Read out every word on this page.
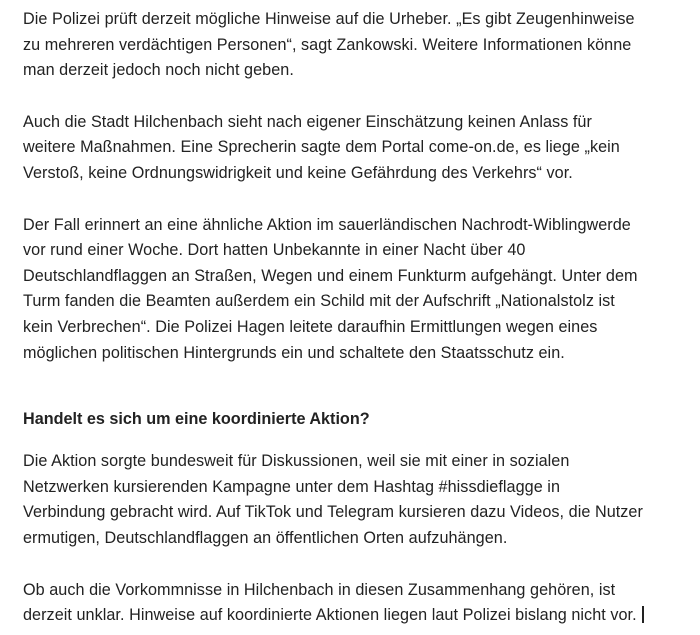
Die Polizei prüft derzeit mögliche Hinweise auf die Urheber. „Es gibt Zeugenhinweise
zu mehreren verdächtigen Personen“, sagt Zankowski. Weitere Informationen könne
man derzeit jedoch noch nicht geben.

Auch die Stadt Hilchenbach sieht nach eigener Einschätzung keinen Anlass für
weitere Maßnahmen. Eine Sprecherin sagte dem Portal come-on.de, es liege „kein
Verstoß, keine Ordnungswidrigkeit und keine Gefährdung des Verkehrs“ vor.

Der Fall erinnert an eine ähnliche Aktion im sauerländischen Nachrodt-Wiblingwerde
vor rund einer Woche. Dort hatten Unbekannte in einer Nacht über 40
Deutschlandflaggen an Straßen, Wegen und einem Funkturm aufgehängt. Unter dem
Turm fanden die Beamten außerdem ein Schild mit der Aufschrift „Nationalstolz ist
kein Verbrechen“. Die Polizei Hagen leitete daraufhin Ermittlungen wegen eines
möglichen politischen Hintergrunds ein und schaltete den Staatsschutz ein.

Handelt es sich um eine koordinierte Aktion?

Die Aktion sorgte bundesweit für Diskussionen, weil sie mit einer in sozialen
Netzwerken kursierenden Kampagne unter dem Hashtag #hissdieflagge in
Verbindung gebracht wird. Auf TikTok und Telegram kursieren dazu Videos, die Nutzer
ermutigen, Deutschlandflaggen an öffentlichen Orten aufzuhängen.

Ob auch die Vorkommnisse in Hilchenbach in diesen Zusammenhang gehören, ist
derzeit unklar. Hinweise auf koordinierte Aktionen liegen laut Polizei bislang nicht vor.
